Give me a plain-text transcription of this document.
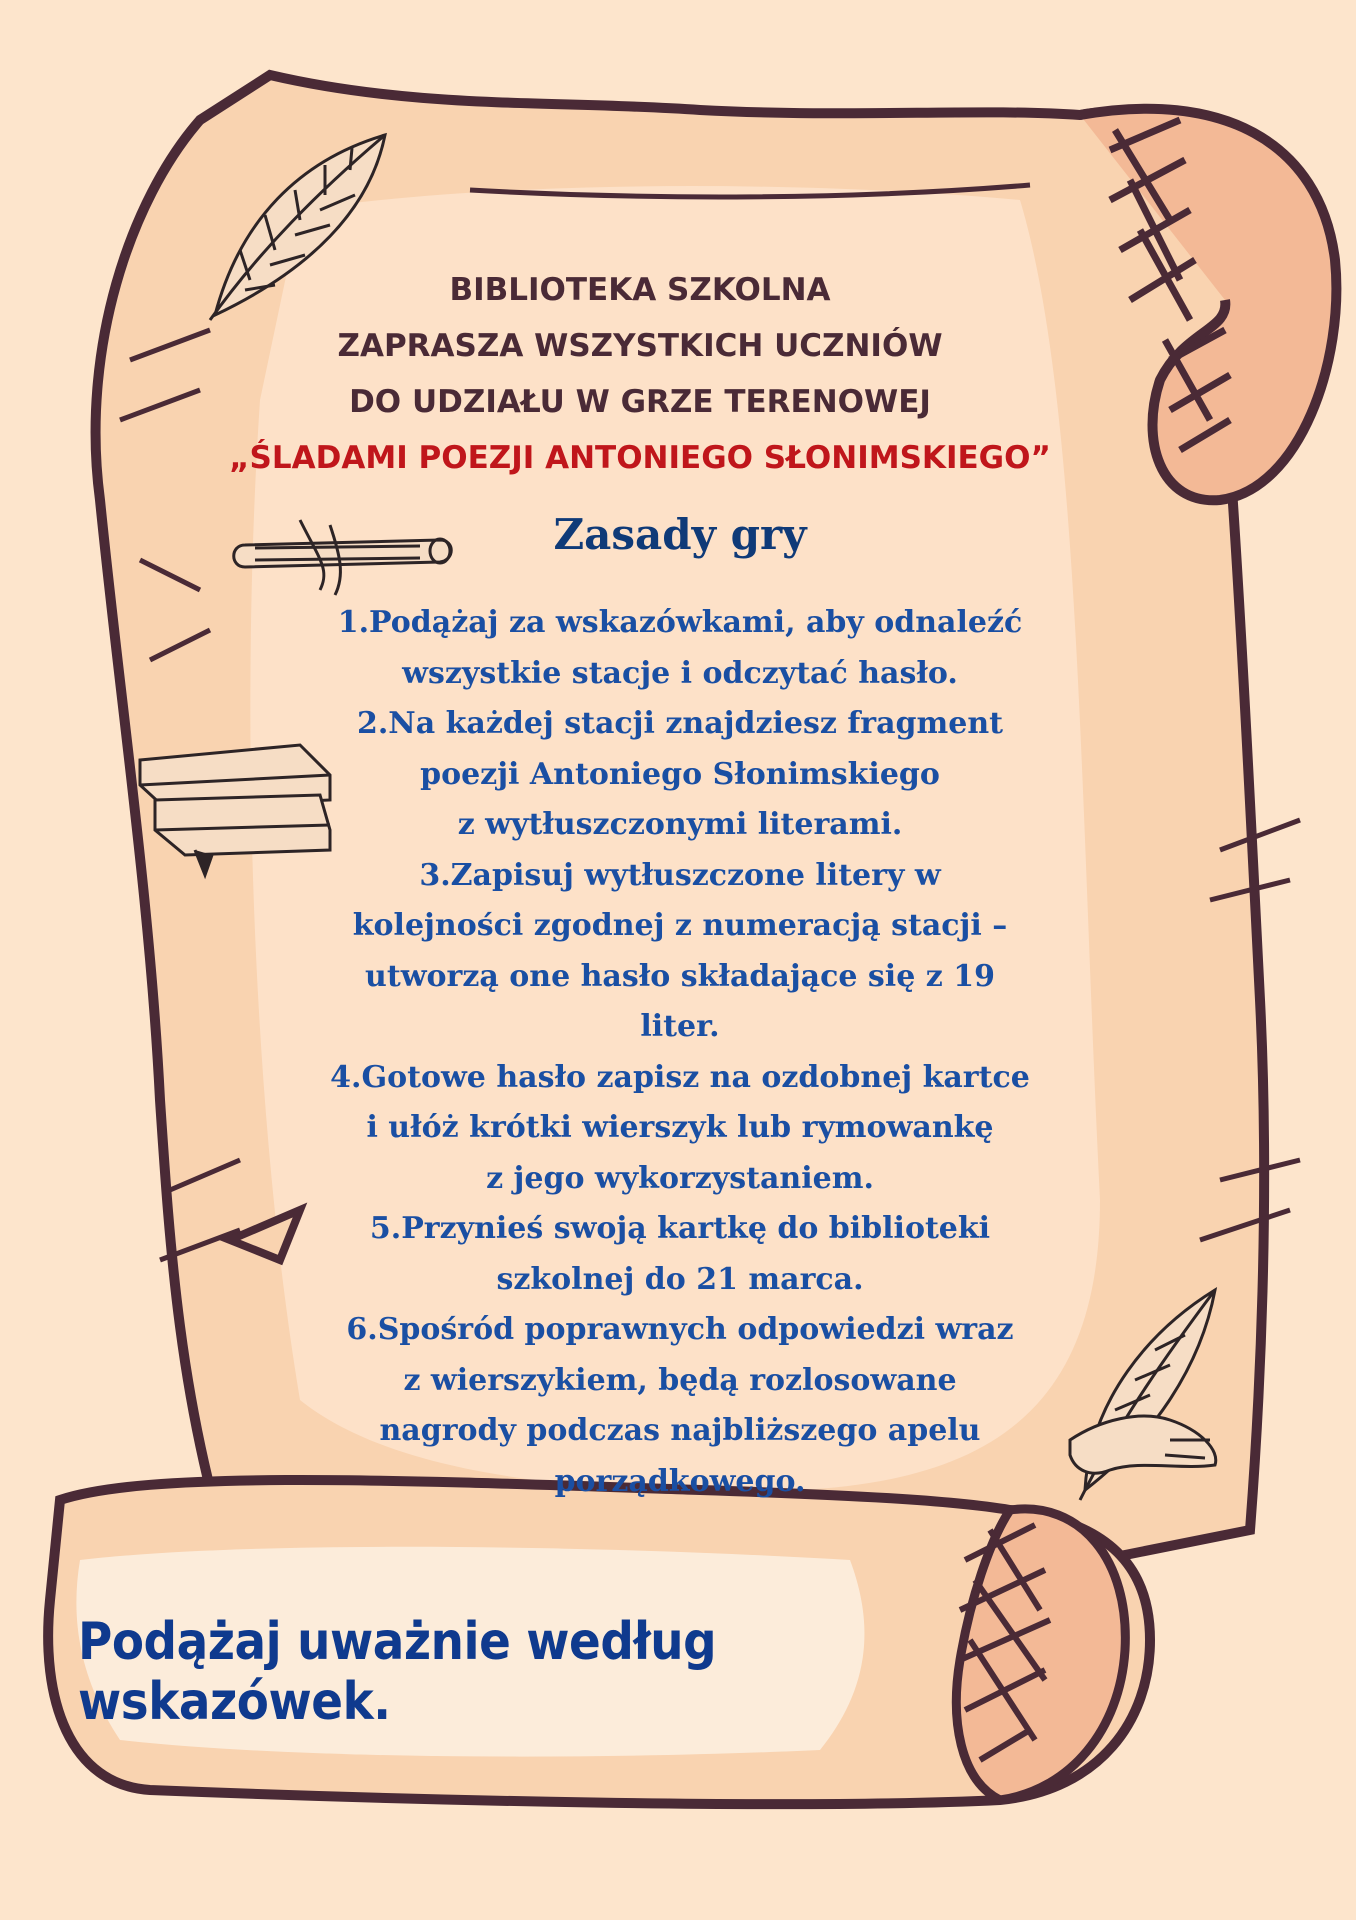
BIBLIOTEKA SZKOLNA
ZAPRASZA WSZYSTKICH UCZNIÓW
DO UDZIAŁU W GRZE TERENOWEJ
„ŚLADAMI POEZJI ANTONIEGO SŁONIMSKIEGO”
Zasady gry
1.Podążaj za wskazówkami, aby odnaleźć
wszystkie stacje i odczytać hasło.
2.Na każdej stacji znajdziesz fragment
poezji Antoniego Słonimskiego
z wytłuszczonymi literami.
3.Zapisuj wytłuszczone litery w
kolejności zgodnej z numeracją stacji –
utworzą one hasło składające się z 19
liter.
4.Gotowe hasło zapisz na ozdobnej kartce
i ułóż krótki wierszyk lub rymowankę
z jego wykorzystaniem.
5.Przynieś swoją kartkę do biblioteki
szkolnej do 21 marca.
6.Spośród poprawnych odpowiedzi wraz
z wierszykiem, będą rozlosowane
nagrody podczas najbliższego apelu
porządkowego.
Podążaj uważnie według wskazówek.
